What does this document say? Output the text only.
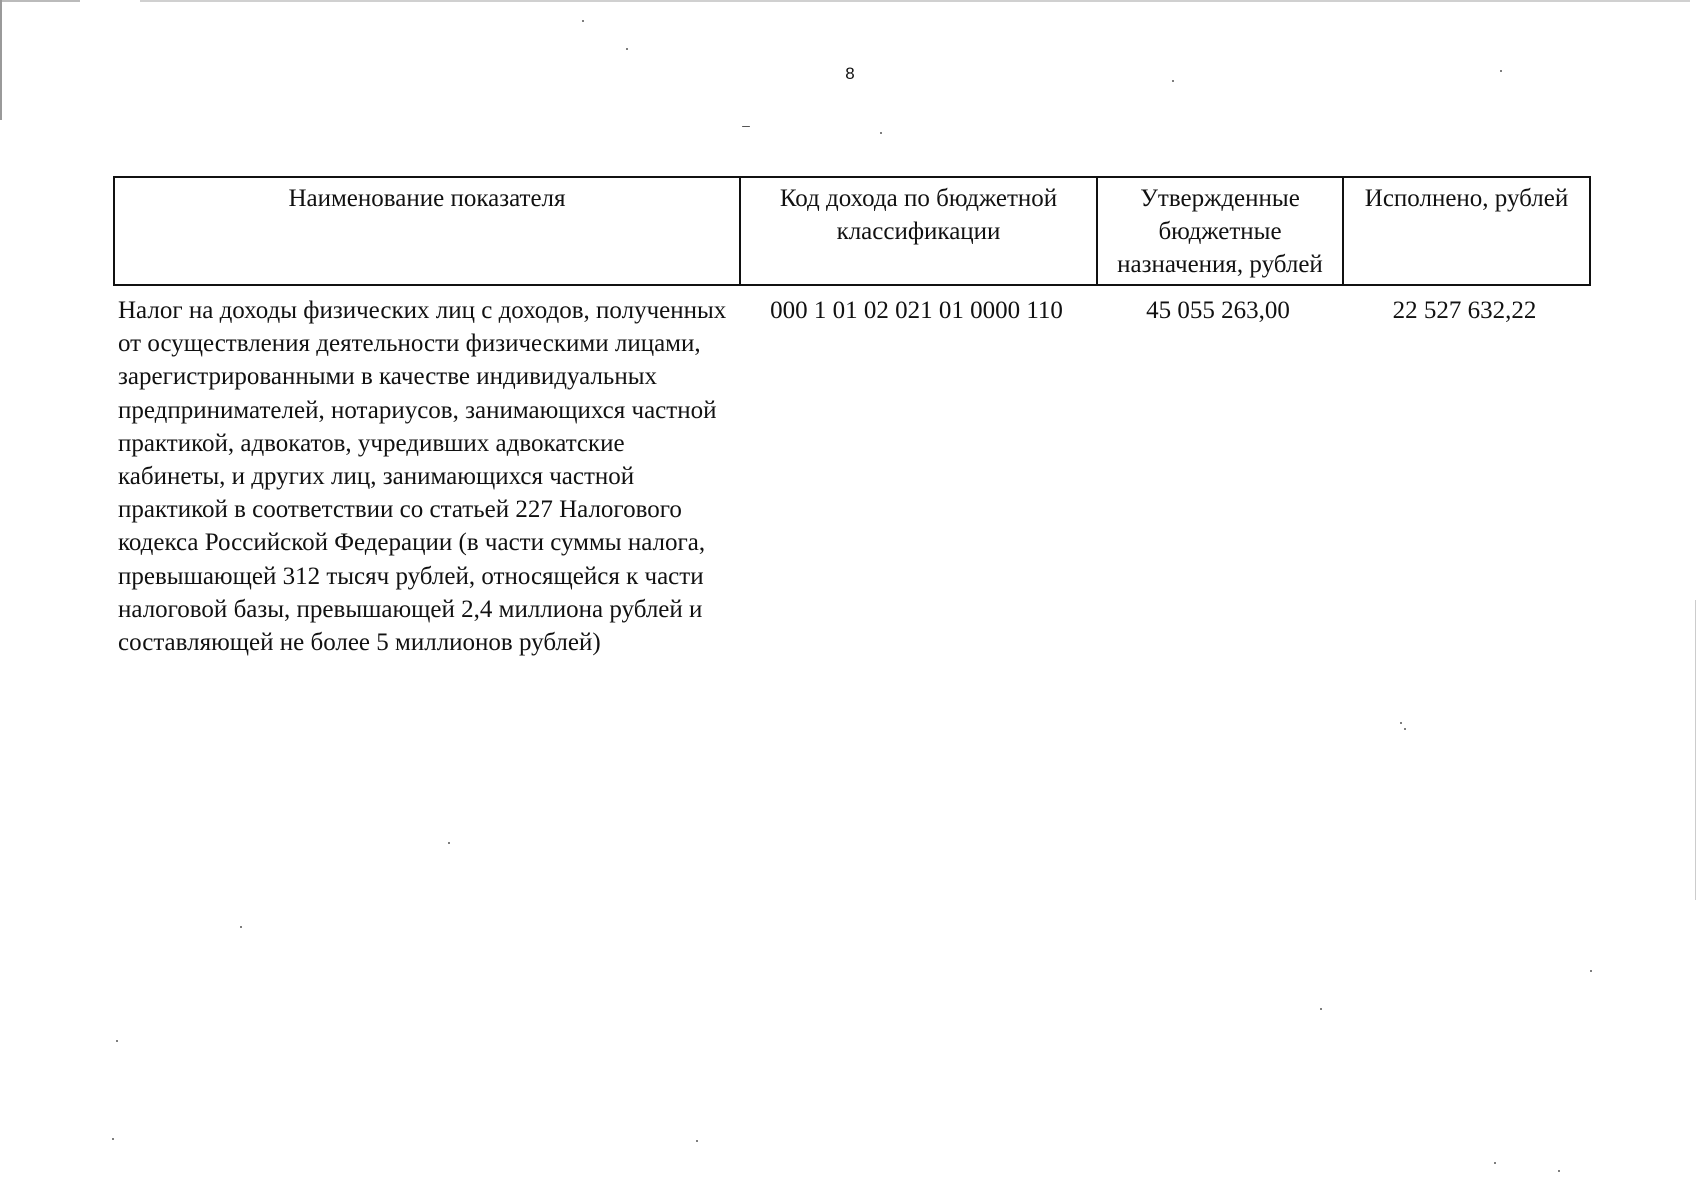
8
Наименование показателя	Код дохода по бюджетной классификации	Утвержденные бюджетные назначения, рублей	Исполнено, рублей
Налог на доходы физических лиц с доходов, полученных от осуществления деятельности физическими лицами, зарегистрированными в качестве индивидуальных предпринимателей, нотариусов, занимающихся частной практикой, адвокатов, учредивших адвокатские кабинеты, и других лиц, занимающихся частной практикой в соответствии со статьей 227 Налогового кодекса Российской Федерации (в части суммы налога, превышающей 312 тысяч рублей, относящейся к части налоговой базы, превышающей 2,4 миллиона рублей и составляющей не более 5 миллионов рублей)	000 1 01 02 021 01 0000 110	45 055 263,00	22 527 632,22
